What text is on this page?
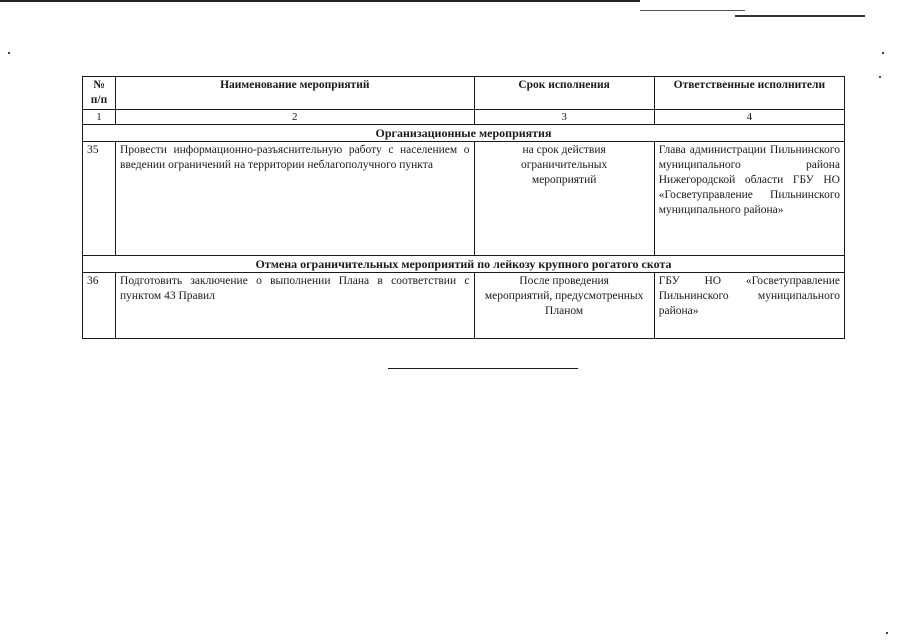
№ п/п	Наименование мероприятий	Срок исполнения	Ответственные исполнители
1	2	3	4
Организационные мероприятия			
35	Провести информационно-разъяснительную работу с населением о введении ограничений на территории неблагополучного пункта	на срок действия ограничительных мероприятий	Глава администрации Пильнинского муниципального района Нижегородской области ГБУ НО «Госветуправление Пильнинского муниципального района»
Отмена ограничительных мероприятий по лейкозу крупного рогатого скота			
36	Подготовить заключение о выполнении Плана в соответствии с пунктом 43 Правил	После проведения мероприятий, предусмотренных Планом	ГБУ НО «Госветуправление Пильнинского муниципального района»
